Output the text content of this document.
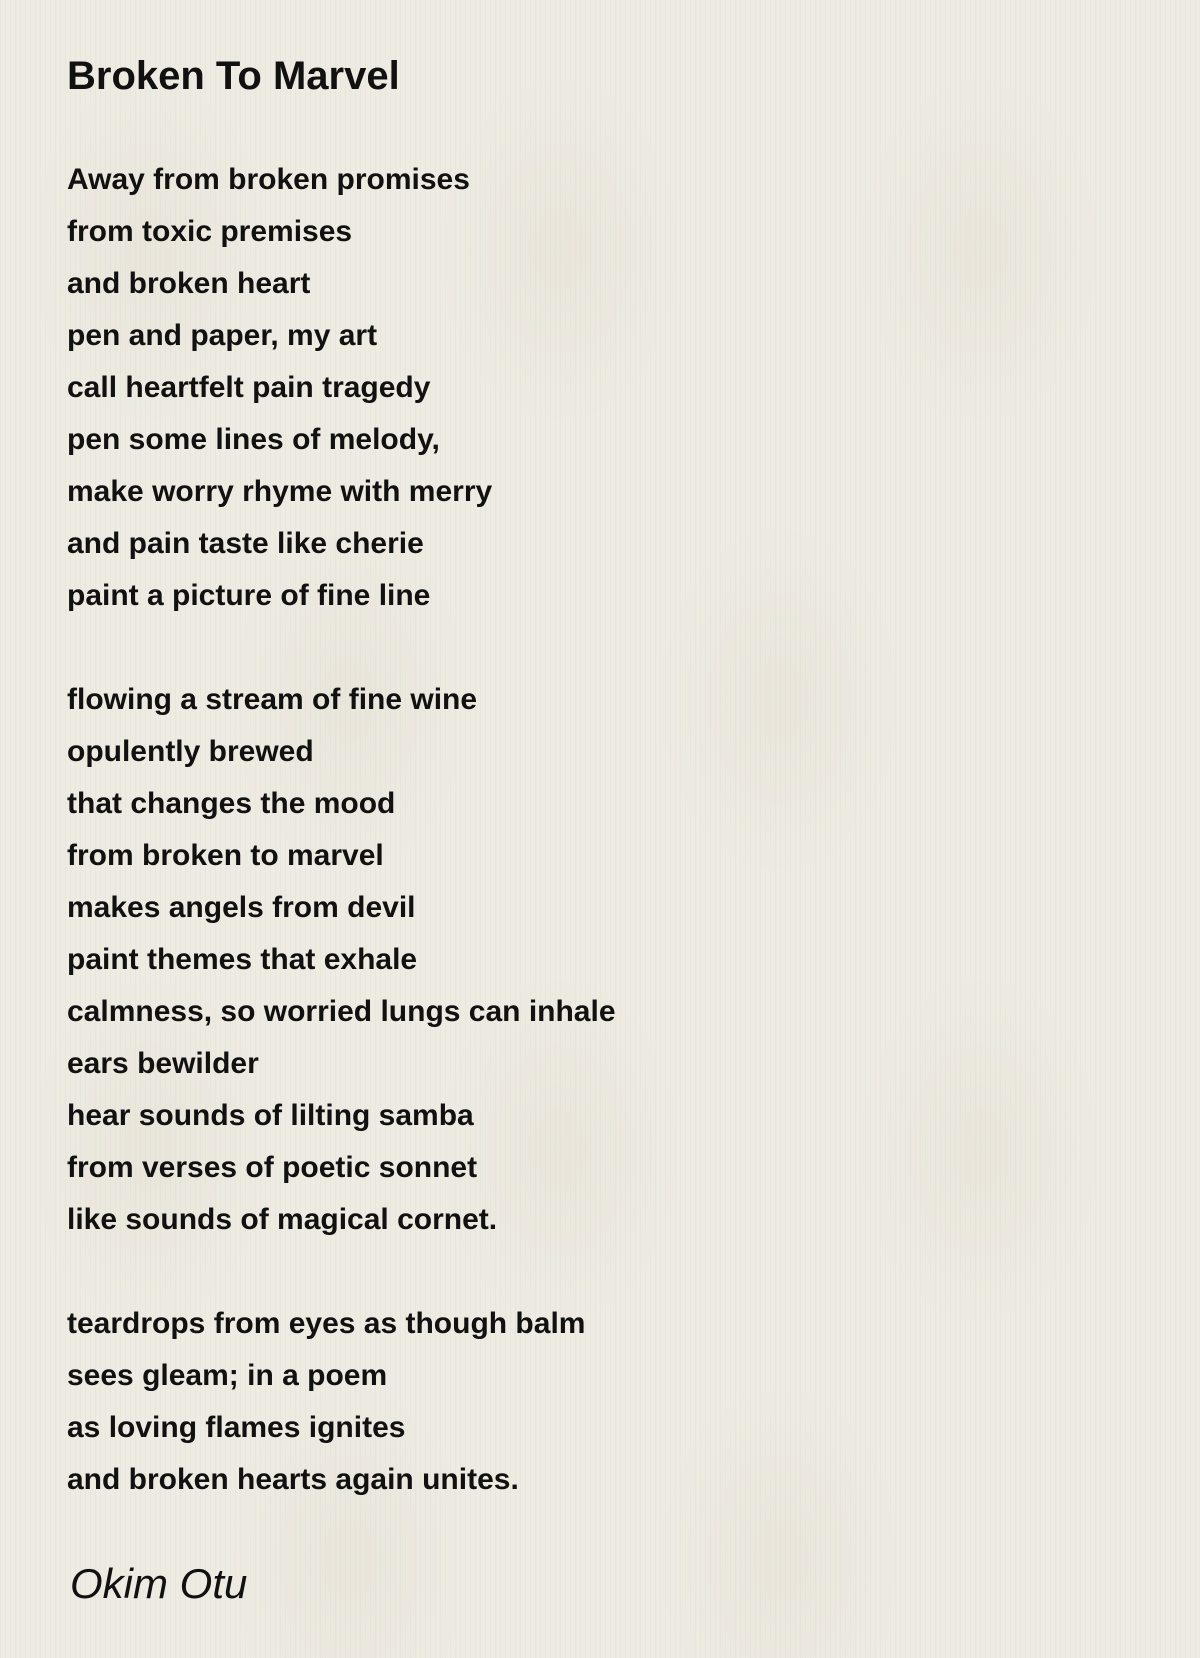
Broken To Marvel
Away from broken promises
from toxic premises
and broken heart
pen and paper, my art
call heartfelt pain tragedy
pen some lines of melody,
make worry rhyme with merry
and pain taste like cherie
paint a picture of fine line
flowing a stream of fine wine
opulently brewed
that changes the mood
from broken to marvel
makes angels from devil
paint themes that exhale
calmness, so worried lungs can inhale
ears bewilder
hear sounds of lilting samba
from verses of poetic sonnet
like sounds of magical cornet.
teardrops from eyes as though balm
sees gleam; in a poem
as loving flames ignites
and broken hearts again unites.

Okim Otu
